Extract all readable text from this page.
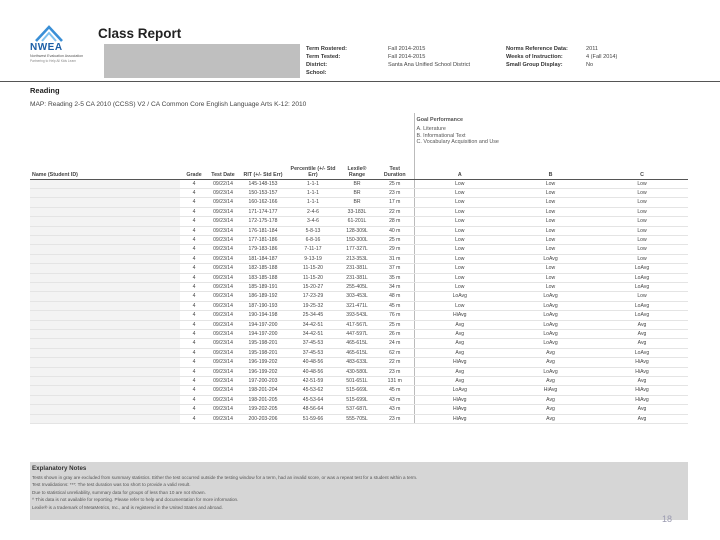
NWEA
Northwest Evaluation Association
Partnering to Help All Kids Learn
Class Report
Term Rostered:	Fall 2014-2015
Term Tested:	Fall 2014-2015
District:	Santa Ana Unified School District
School:
Norms Reference Data:	2011
Weeks of Instruction:	4 (Fall 2014)
Small Group Display:	No
Reading
MAP: Reading 2-5 CA 2010 (CCSS) V2 / CA Common Core English Language Arts K-12: 2010

							Goal Performance
A. Literature
B. Informational Text
C. Vocabulary Acquisition and Use		

Name (Student ID)	Grade	Test Date	RIT (+/- Std Err)	Percentile (+/- Std Err)	Lexile® Range	Test Duration	A	B	C
	4	09/22/14	145-148-153	1-1-1	BR	25 m	Low	Low	Low
	4	09/23/14	150-153-157	1-1-1	BR	23 m	Low	Low	Low
	4	09/23/14	160-162-166	1-1-1	BR	17 m	Low	Low	Low
	4	09/23/14	171-174-177	2-4-6	33-183L	22 m	Low	Low	Low
	4	09/23/14	172-175-178	3-4-6	61-201L	28 m	Low	Low	Low
	4	09/23/14	176-181-184	5-8-13	128-309L	40 m	Low	Low	Low
	4	09/23/14	177-181-186	6-8-16	150-300L	25 m	Low	Low	Low
	4	09/23/14	179-183-186	7-11-17	177-327L	29 m	Low	Low	Low
	4	09/23/14	181-184-187	9-13-19	213-353L	31 m	Low	LoAvg	Low
	4	09/23/14	182-185-188	11-15-20	231-381L	37 m	Low	Low	LoAvg
	4	09/23/14	183-185-188	11-15-20	231-381L	35 m	Low	Low	LoAvg
	4	09/23/14	185-189-191	15-20-27	255-405L	34 m	Low	Low	LoAvg
	4	09/23/14	186-189-192	17-23-29	303-453L	48 m	LoAvg	LoAvg	Low
	4	09/23/14	187-190-193	19-25-32	321-471L	45 m	Low	LoAvg	LoAvg
	4	09/23/14	190-194-198	25-34-45	393-543L	76 m	HiAvg	LoAvg	LoAvg
	4	09/23/14	194-197-200	34-42-51	417-567L	25 m	Avg	LoAvg	Avg
	4	09/23/14	194-197-200	34-42-51	447-597L	26 m	Avg	LoAvg	Avg
	4	09/23/14	195-198-201	37-45-53	465-615L	24 m	Avg	LoAvg	Avg
	4	09/23/14	195-198-201	37-45-53	465-615L	62 m	Avg	Avg	LoAvg
	4	09/23/14	196-199-202	40-48-56	483-633L	22 m	HiAvg	Avg	HiAvg
	4	09/23/14	196-199-202	40-48-56	430-580L	23 m	Avg	LoAvg	HiAvg
	4	09/23/14	197-200-203	42-51-59	501-651L	131 m	Avg	Avg	Avg
	4	09/23/14	198-201-204	45-53-62	515-669L	45 m	LoAvg	HiAvg	HiAvg
	4	09/23/14	198-201-205	45-53-64	515-699L	43 m	HiAvg	Avg	HiAvg
	4	09/23/14	199-202-205	48-56-64	537-687L	43 m	HiAvg	Avg	Avg
	4	09/23/14	200-203-206	51-59-66	555-705L	23 m	HiAvg	Avg	Avg
Explanatory Notes
Tests shown in gray are excluded from summary statistics. Either the test occurred outside the testing window for a term, had an invalid score, or was a repeat test for a student within a term.
Test Invalidations: ***: The test duration was too short to provide a valid result.
Due to statistical unreliability, summary data for groups of less than 10 are not shown.
^ This data is not available for reporting. Please refer to help and documentation for more information.
Lexile® is a trademark of MetaMetrics, Inc., and is registered in the United States and abroad.
18
